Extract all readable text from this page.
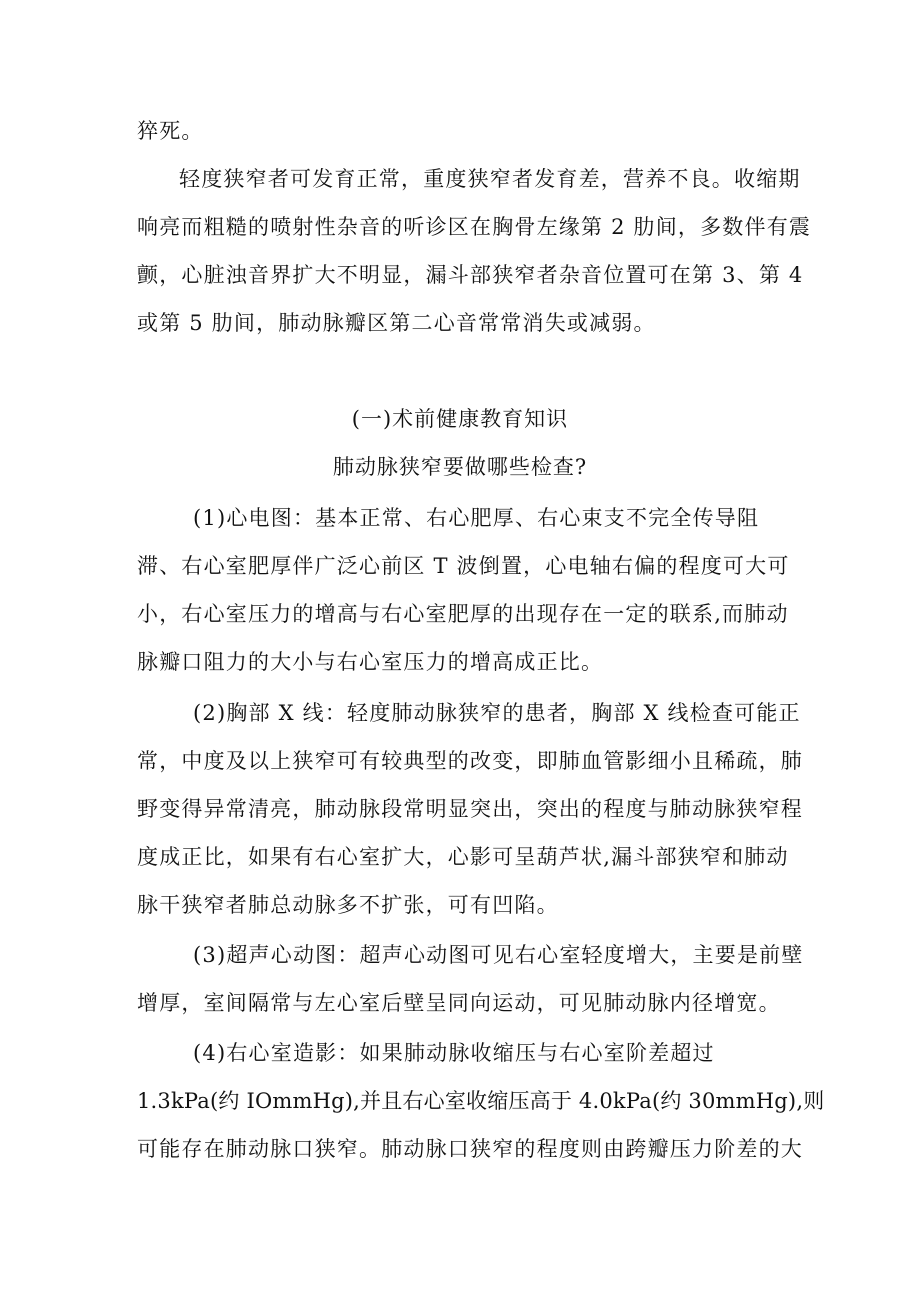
猝死。
轻度狭窄者可发育正常，重度狭窄者发育差，营养不良。收缩期
响亮而粗糙的喷射性杂音的听诊区在胸骨左缘第 2 肋间，多数伴有震
颤，心脏浊音界扩大不明显，漏斗部狭窄者杂音位置可在第 3、第 4
或第 5 肋间，肺动脉瓣区第二心音常常消失或减弱。
(一)术前健康教育知识
肺动脉狭窄要做哪些检查?
(1)心电图：基本正常、右心肥厚、右心束支不完全传导阻
滞、右心室肥厚伴广泛心前区 T 波倒置，心电轴右偏的程度可大可
小，右心室压力的增高与右心室肥厚的出现存在一定的联系,而肺动
脉瓣口阻力的大小与右心室压力的增高成正比。
(2)胸部 X 线：轻度肺动脉狭窄的患者，胸部 X 线检查可能正
常，中度及以上狭窄可有较典型的改变，即肺血管影细小且稀疏，肺
野变得异常清亮，肺动脉段常明显突出，突出的程度与肺动脉狭窄程
度成正比，如果有右心室扩大，心影可呈葫芦状,漏斗部狭窄和肺动
脉干狭窄者肺总动脉多不扩张，可有凹陷。
(3)超声心动图：超声心动图可见右心室轻度增大，主要是前壁
增厚，室间隔常与左心室后壁呈同向运动，可见肺动脉内径增宽。
(4)右心室造影：如果肺动脉收缩压与右心室阶差超过
1.3kPa(约 IOmmHg),并且右心室收缩压高于 4.0kPa(约 30mmHg),则
可能存在肺动脉口狭窄。肺动脉口狭窄的程度则由跨瓣压力阶差的大
